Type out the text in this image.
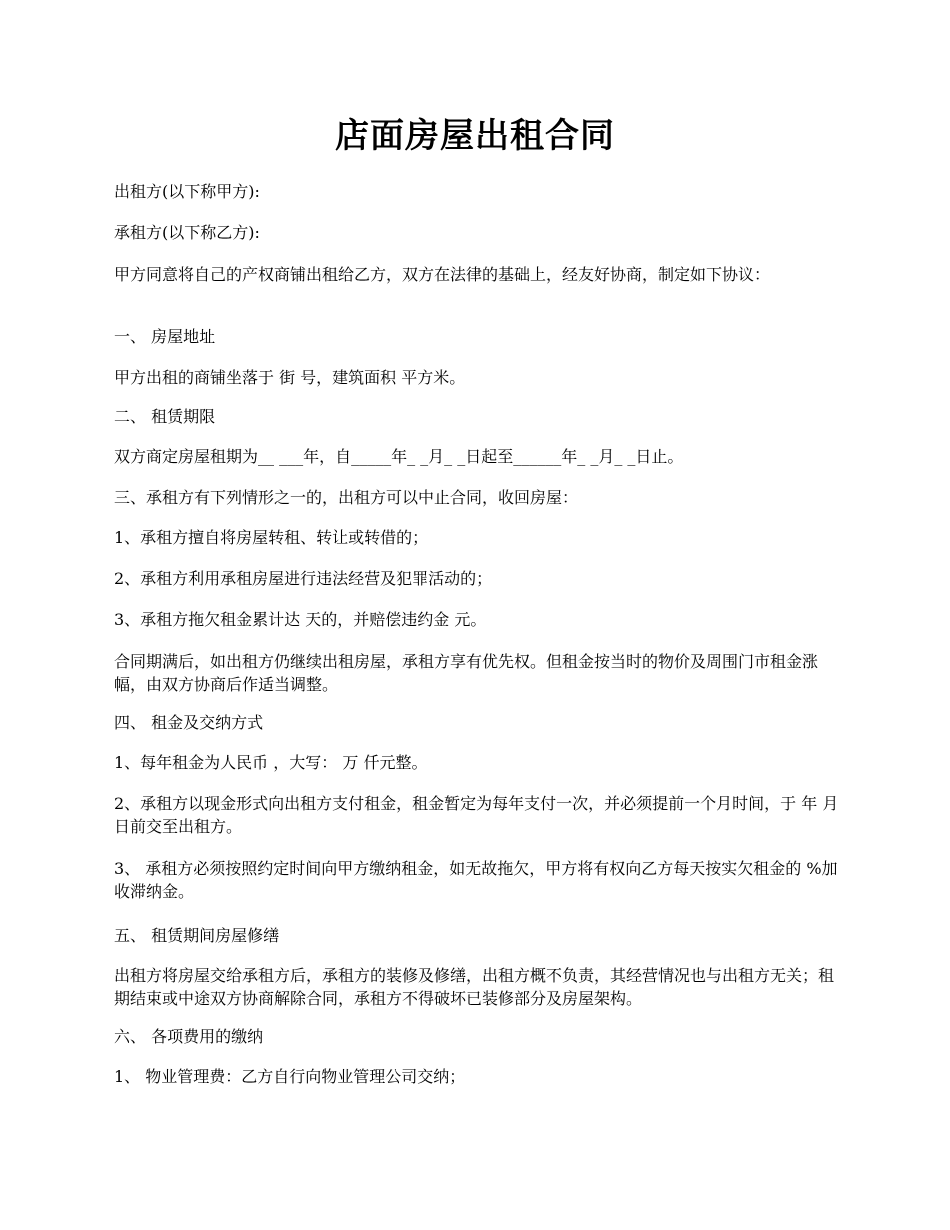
店面房屋出租合同

出租方(以下称甲方):

承租方(以下称乙方):

甲方同意将自己的产权商铺出租给乙方，双方在法律的基础上，经友好协商，制定如下协议：

一、 房屋地址

甲方出租的商铺坐落于 街 号，建筑面积 平方米。

二、 租赁期限

双方商定房屋租期为__ ___年，自_____年_ _月_ _日起至______年_ _月_ _日止。

三、承租方有下列情形之一的，出租方可以中止合同，收回房屋：

1、承租方擅自将房屋转租、转让或转借的；

2、承租方利用承租房屋进行违法经营及犯罪活动的；

3、承租方拖欠租金累计达 天的，并赔偿违约金 元。

合同期满后，如出租方仍继续出租房屋，承租方享有优先权。但租金按当时的物价及周围门市租金涨幅，由双方协商后作适当调整。

四、 租金及交纳方式

1、每年租金为人民币 ，大写： 万 仟元整。

2、承租方以现金形式向出租方支付租金，租金暂定为每年支付一次，并必须提前一个月时间，于 年 月 日前交至出租方。

3、 承租方必须按照约定时间向甲方缴纳租金，如无故拖欠，甲方将有权向乙方每天按实欠租金的 %加收滞纳金。

五、 租赁期间房屋修缮

出租方将房屋交给承租方后，承租方的装修及修缮，出租方概不负责，其经营情况也与出租方无关；租期结束或中途双方协商解除合同，承租方不得破坏已装修部分及房屋架构。

六、 各项费用的缴纳

1、 物业管理费：乙方自行向物业管理公司交纳；
